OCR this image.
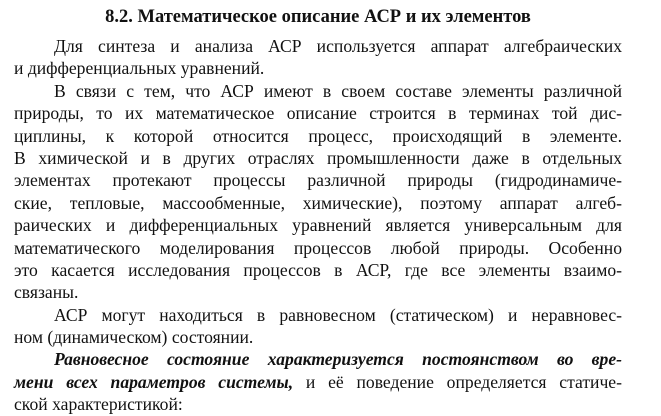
8.2. Математическое описание АСР и их элементов
Для синтеза и анализа АСР используется аппарат алгебраических
и дифференциальных уравнений.
В связи с тем, что АСР имеют в своем составе элементы различной
природы, то их математическое описание строится в терминах той дис-
циплины, к которой относится процесс, происходящий в элементе.
В химической и в других отраслях промышленности даже в отдельных
элементах протекают процессы различной природы (гидродинамиче-
ские, тепловые, массообменные, химические), поэтому аппарат алгеб-
раических и дифференциальных уравнений является универсальным для
математического моделирования процессов любой природы. Особенно
это касается исследования процессов в АСР, где все элементы взаимо-
связаны.
АСР могут находиться в равновесном (статическом) и неравновес-
ном (динамическом) состоянии.
Равновесное состояние характеризуется постоянством во вре-
мени всех параметров системы, и её поведение определяется статиче-
ской характеристикой:
